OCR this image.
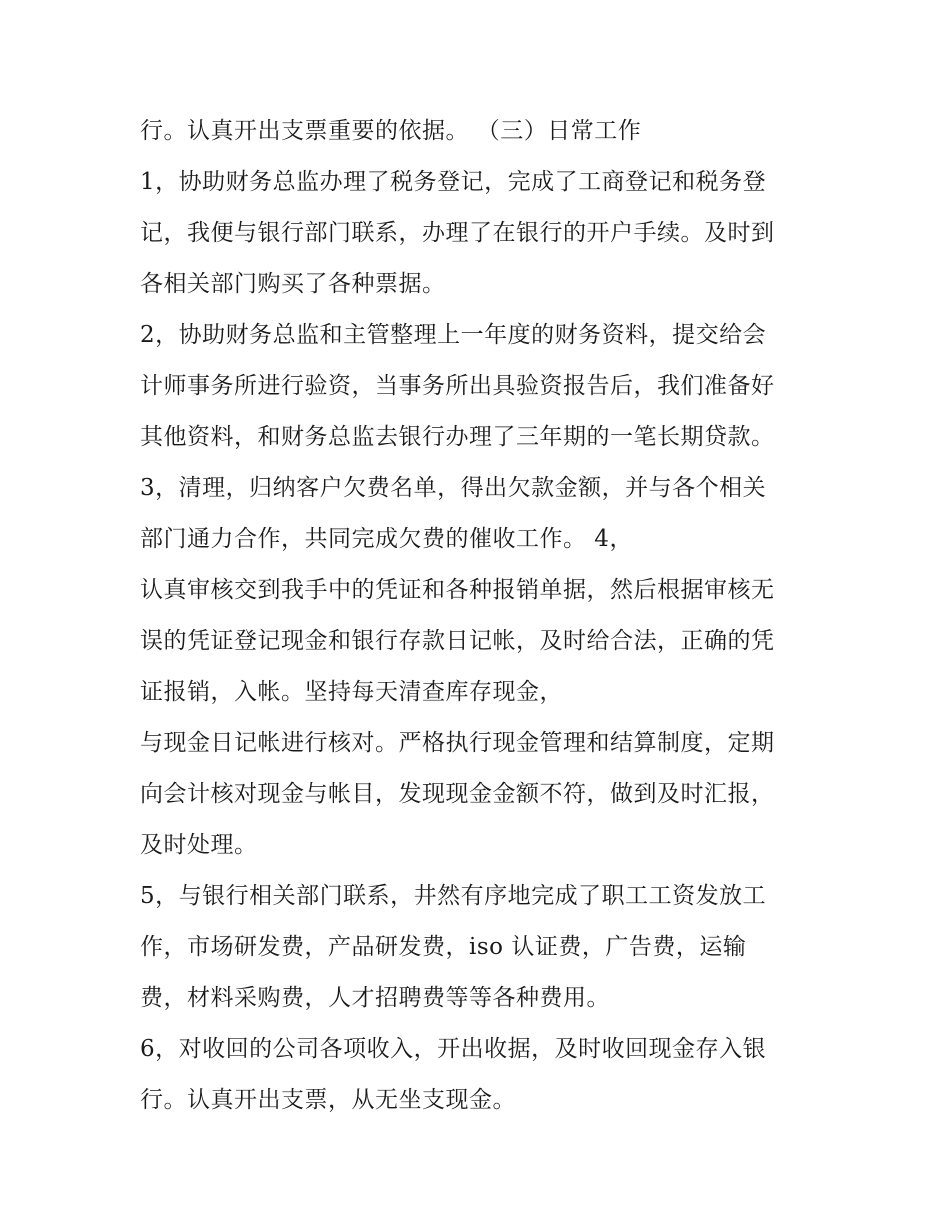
行。认真开出支票重要的依据。 （三）日常工作
1，协助财务总监办理了税务登记，完成了工商登记和税务登
记，我便与银行部门联系，办理了在银行的开户手续。及时到
各相关部门购买了各种票据。
2，协助财务总监和主管整理上一年度的财务资料，提交给会
计师事务所进行验资，当事务所出具验资报告后，我们准备好
其他资料，和财务总监去银行办理了三年期的一笔长期贷款。
3，清理，归纳客户欠费名单，得出欠款金额，并与各个相关
部门通力合作，共同完成欠费的催收工作。 4，
认真审核交到我手中的凭证和各种报销单据，然后根据审核无
误的凭证登记现金和银行存款日记帐，及时给合法，正确的凭
证报销，入帐。坚持每天清查库存现金，
与现金日记帐进行核对。严格执行现金管理和结算制度，定期
向会计核对现金与帐目，发现现金金额不符，做到及时汇报，
及时处理。
5，与银行相关部门联系，井然有序地完成了职工工资发放工
作，市场研发费，产品研发费，iso 认证费，广告费，运输
费，材料采购费，人才招聘费等等各种费用。
6，对收回的公司各项收入，开出收据，及时收回现金存入银
行。认真开出支票，从无坐支现金。
